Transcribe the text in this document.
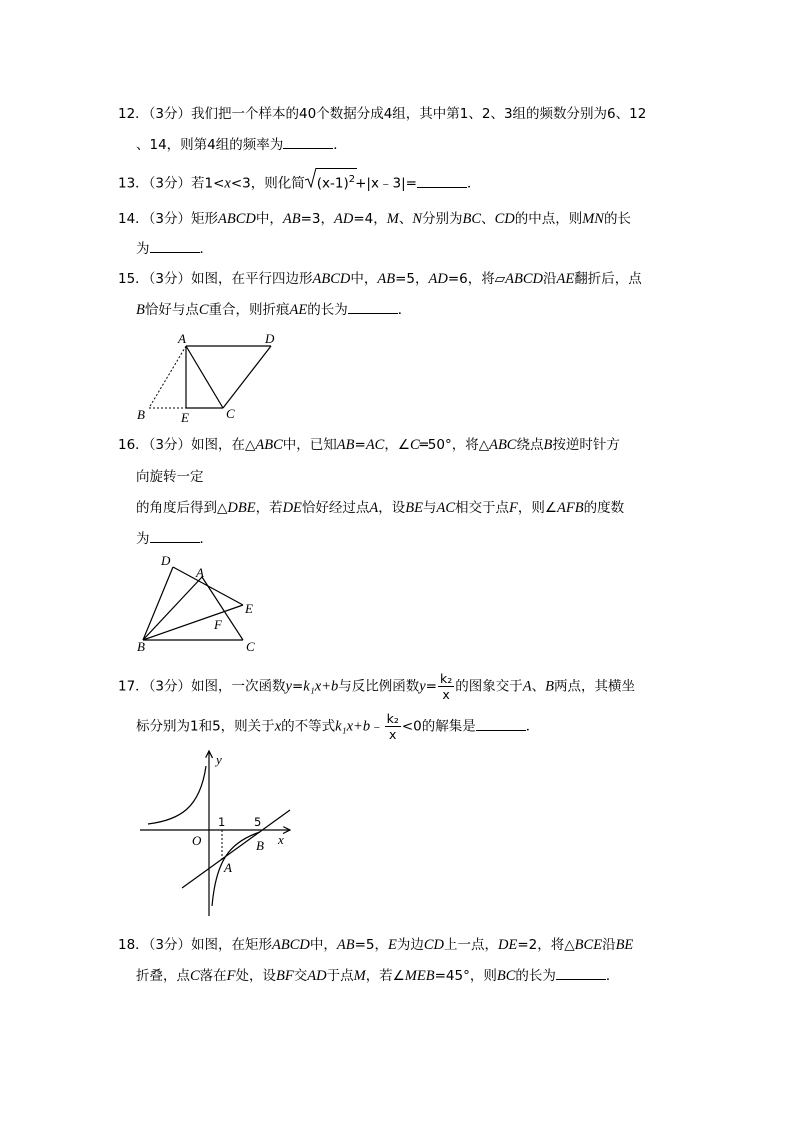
12．（3分）我们把一个样本的40个数据分成4组，其中第1、2、3组的频数分别为6、12
、14，则第4组的频率为	．
13．（3分）若1<x<3，则化简 $(x-1)^2+|x﹣3|=$	．
14．（3分）矩形ABCD中，AB=3，AD=4，M、N分别为BC、CD的中点，则MN的长
为	．
15．（3分）如图，在平行四边形ABCD中，AB=5，AD=6，将▱ABCD沿AE翻折后，点
B恰好与点C重合，则折痕AE的长为	．
A	D
B	E	C
16．（3分）如图，在△ABC中，已知AB=AC，∠C═50°，将△ABC绕点B按逆时针方
向旋转一定
的角度后得到△DBE，若DE恰好经过点A，设BE与AC相交于点F，则∠AFB的度数
为	．
D
A
E
F
B	C
17．（3分）如图，一次函数y=k₁x+b与反比例函数$y= \frac{\text{k₂}}{x}$ 的图象交于A、B两点，其横坐
标分别为1和5，则关于x的不等式k₁x+b﹣ $\frac{\text{k₂}}{x} <0$的解集是	．
y
x
O
1 5
A
B
18．（3分）如图，在矩形ABCD中，AB=5，E为边CD上一点，DE=2，将△BCE沿BE
折叠，点C落在F处，设BF交AD于点M，若∠MEB=45°，则BC的长为	．
